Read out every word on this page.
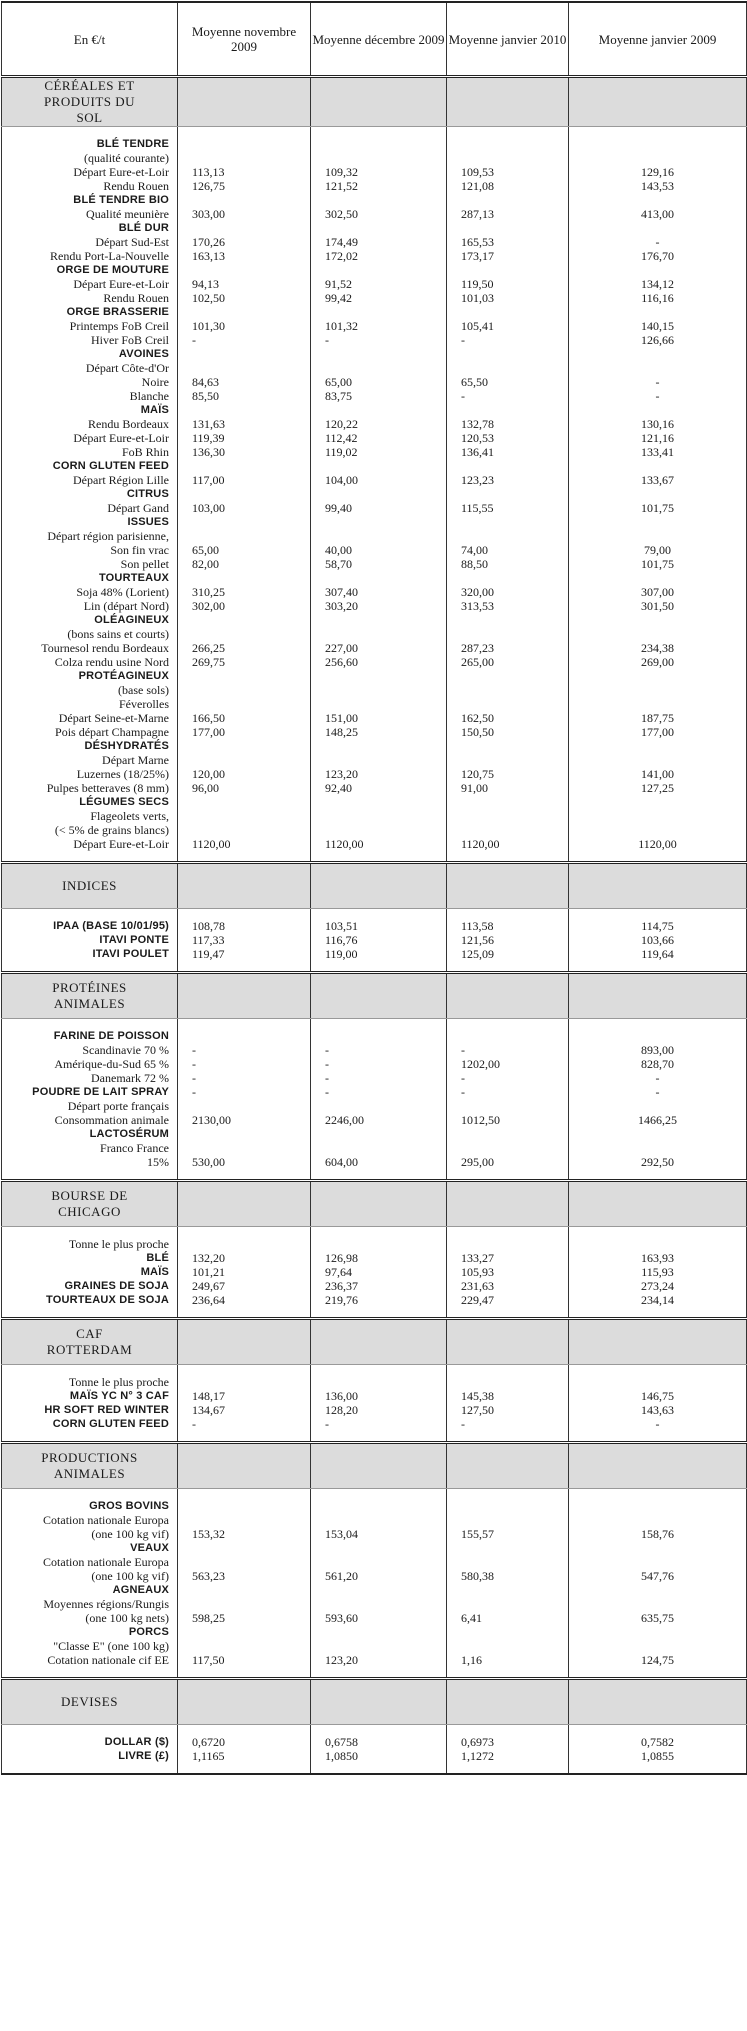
En €/t	Moyenne novembre 2009	Moyenne décembre 2009	Moyenne janvier 2010	Moyenne janvier 2009
CÉRÉALES ET PRODUITS DU SOL				

BLÉ TENDRE				
(qualité courante)				
Départ Eure-et-Loir	113,13	109,32	109,53	129,16
Rendu Rouen	126,75	121,52	121,08	143,53
BLÉ TENDRE BIO				
Qualité meunière	303,00	302,50	287,13	413,00
BLÉ DUR				
Départ Sud-Est	170,26	174,49	165,53	-
Rendu Port-La-Nouvelle	163,13	172,02	173,17	176,70
ORGE DE MOUTURE				
Départ Eure-et-Loir	94,13	91,52	119,50	134,12
Rendu Rouen	102,50	99,42	101,03	116,16
ORGE BRASSERIE				
Printemps FoB Creil	101,30	101,32	105,41	140,15
Hiver FoB Creil	-	-	-	126,66
AVOINES				
Départ Côte-d'Or				
Noire	84,63	65,00	65,50	-
Blanche	85,50	83,75	-	-
MAÏS				
Rendu Bordeaux	131,63	120,22	132,78	130,16
Départ Eure-et-Loir	119,39	112,42	120,53	121,16
FoB Rhin	136,30	119,02	136,41	133,41
CORN GLUTEN FEED				
Départ Région Lille	117,00	104,00	123,23	133,67
CITRUS				
Départ Gand	103,00	99,40	115,55	101,75
ISSUES				
Départ région parisienne,				
Son fin vrac	65,00	40,00	74,00	79,00
Son pellet	82,00	58,70	88,50	101,75
TOURTEAUX				
Soja 48% (Lorient)	310,25	307,40	320,00	307,00
Lin (départ Nord)	302,00	303,20	313,53	301,50
OLÉAGINEUX				
(bons sains et courts)				
Tournesol rendu Bordeaux	266,25	227,00	287,23	234,38
Colza rendu usine Nord	269,75	256,60	265,00	269,00
PROTÉAGINEUX				
(base sols)				
Féverolles				
Départ Seine-et-Marne	166,50	151,00	162,50	187,75
Pois départ Champagne	177,00	148,25	150,50	177,00
DÉSHYDRATÉS				
Départ Marne				
Luzernes (18/25%)	120,00	123,20	120,75	141,00
Pulpes betteraves (8 mm)	96,00	92,40	91,00	127,25
LÉGUMES SECS				
Flageolets verts,				
(< 5% de grains blancs)				
Départ Eure-et-Loir	1120,00	1120,00	1120,00	1120,00

INDICES				

IPAA (BASE 10/01/95)	108,78	103,51	113,58	114,75
ITAVI PONTE	117,33	116,76	121,56	103,66
ITAVI POULET	119,47	119,00	125,09	119,64

PROTÉINES ANIMALES				

FARINE DE POISSON				
Scandinavie 70 %	-	-	-	893,00
Amérique-du-Sud 65 %	-	-	1202,00	828,70
Danemark 72 %	-	-	-	-
POUDRE DE LAIT SPRAY	-	-	-	-
Départ porte français				
Consommation animale	2130,00	2246,00	1012,50	1466,25
LACTOSÉRUM				
Franco France				
15%	530,00	604,00	295,00	292,50

BOURSE DE CHICAGO				

Tonne le plus proche				
BLÉ	132,20	126,98	133,27	163,93
MAÏS	101,21	97,64	105,93	115,93
GRAINES DE SOJA	249,67	236,37	231,63	273,24
TOURTEAUX DE SOJA	236,64	219,76	229,47	234,14

CAF ROTTERDAM				

Tonne le plus proche				
MAÏS YC N° 3 CAF	148,17	136,00	145,38	146,75
HR SOFT RED WINTER	134,67	128,20	127,50	143,63
CORN GLUTEN FEED	-	-	-	-

PRODUCTIONS ANIMALES				

GROS BOVINS				
Cotation nationale Europa				
(one 100 kg vif)	153,32	153,04	155,57	158,76
VEAUX				
Cotation nationale Europa				
(one 100 kg vif)	563,23	561,20	580,38	547,76
AGNEAUX				
Moyennes régions/Rungis				
(one 100 kg nets)	598,25	593,60	6,41	635,75
PORCS				
"Classe E" (one 100 kg)				
Cotation nationale cif EE	117,50	123,20	1,16	124,75

DEVISES				

DOLLAR ($)	0,6720	0,6758	0,6973	0,7582
LIVRE (£)	1,1165	1,0850	1,1272	1,0855
